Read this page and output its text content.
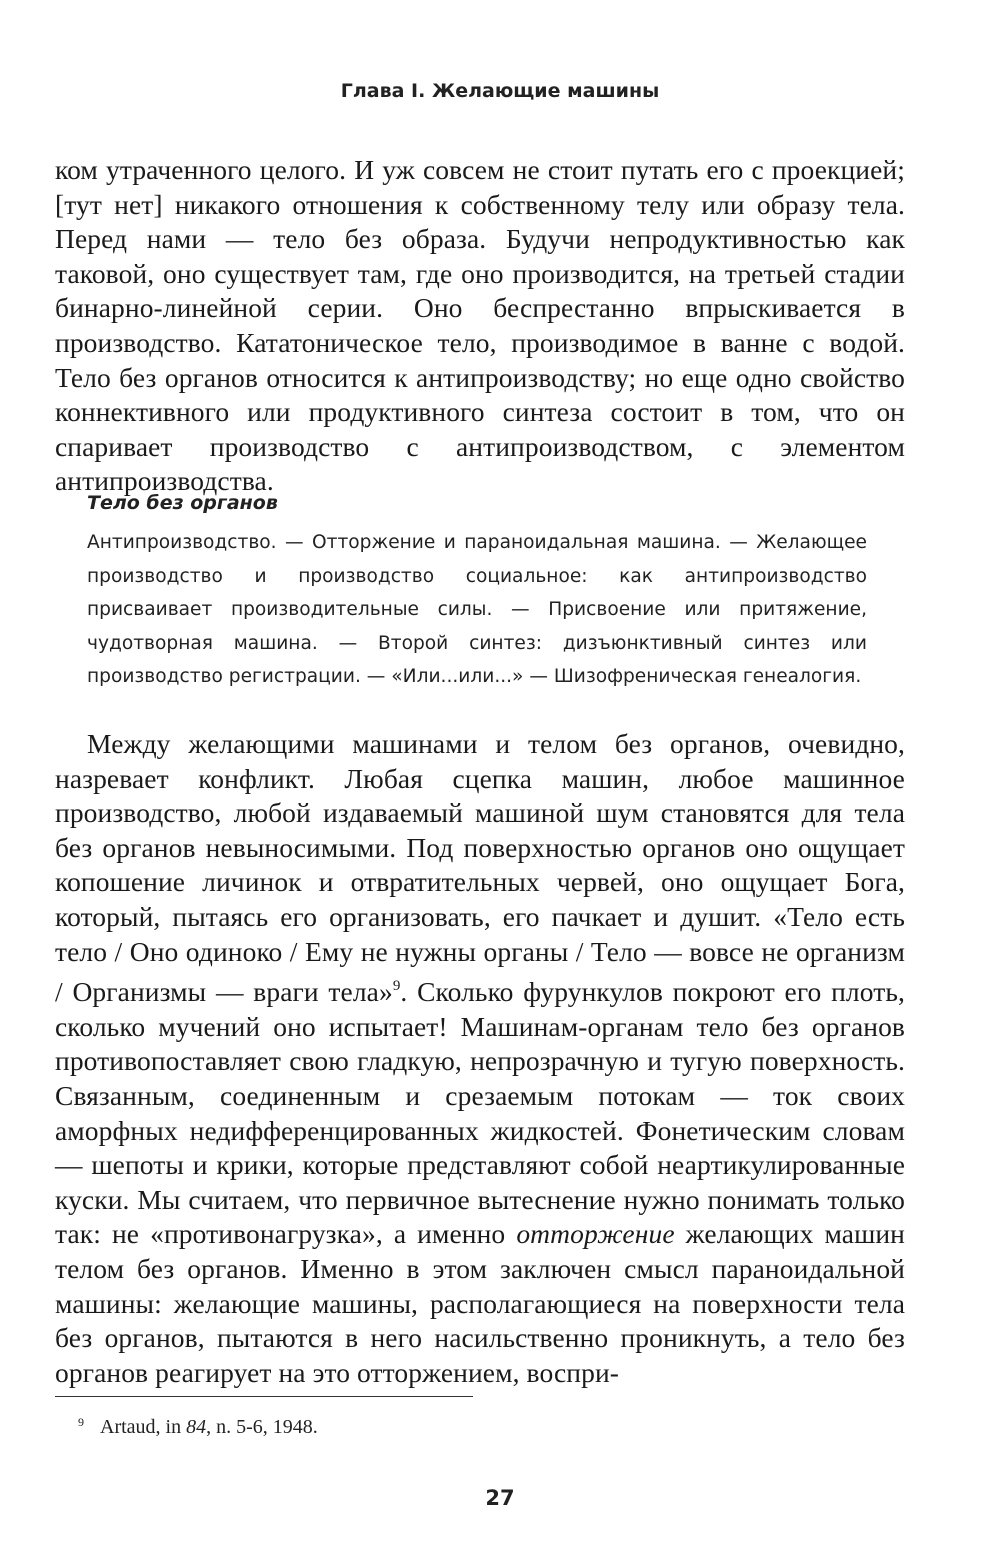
Глава I. Желающие машины
ком утраченного целого. И уж совсем не стоит путать его с проекцией; [тут нет] никакого отношения к собственному телу или образу тела. Перед нами — тело без образа. Будучи непродуктивностью как таковой, оно существует там, где оно производится, на третьей стадии бинарно-линейной серии. Оно беспрестанно впрыскивается в производство. Кататоническое тело, производимое в ванне с водой. Тело без органов относится к антипроизводству; но еще одно свойство коннективного или продуктивного синтеза состоит в том, что он спаривает производство с антипроизводством, с элементом антипроизводства.
Тело без органов
Антипроизводство. — Отторжение и параноидальная машина. — Желающее производство и производство социальное: как антипроизводство присваивает производительные силы. — Присвоение или притяжение, чудотворная машина. — Второй синтез: дизъюнктивный синтез или производство регистрации. — «Или...или...» — Шизофреническая генеалогия.
Между желающими машинами и телом без органов, очевидно, назревает конфликт. Любая сцепка машин, любое машинное производство, любой издаваемый машиной шум становятся для тела без органов невыносимыми. Под поверхностью органов оно ощущает копошение личинок и отвратительных червей, оно ощущает Бога, который, пытаясь его организовать, его пачкает и душит. «Тело есть тело / Оно одиноко / Ему не нужны органы / Тело — вовсе не организм / Организмы — враги тела»$^9$. Сколько фурункулов покроют его плоть, сколько мучений оно испытает! Машинам-органам тело без органов противопоставляет свою гладкую, непрозрачную и тугую поверхность. Связанным, соединенным и срезаемым потокам — ток своих аморфных недифференцированных жидкостей. Фонетическим словам — шепоты и крики, которые представляют собой неартикулированные куски. Мы считаем, что первичное вытеснение нужно понимать только так: не «противонагрузка», а именно отторжение желающих машин телом без органов. Именно в этом заключен смысл параноидальной машины: желающие машины, располагающиеся на поверхности тела без органов, пытаются в него насильственно проникнуть, а тело без органов реагирует на это отторжением, воспри-
$^9$ Artaud, in 84, n. 5-6, 1948.
27
